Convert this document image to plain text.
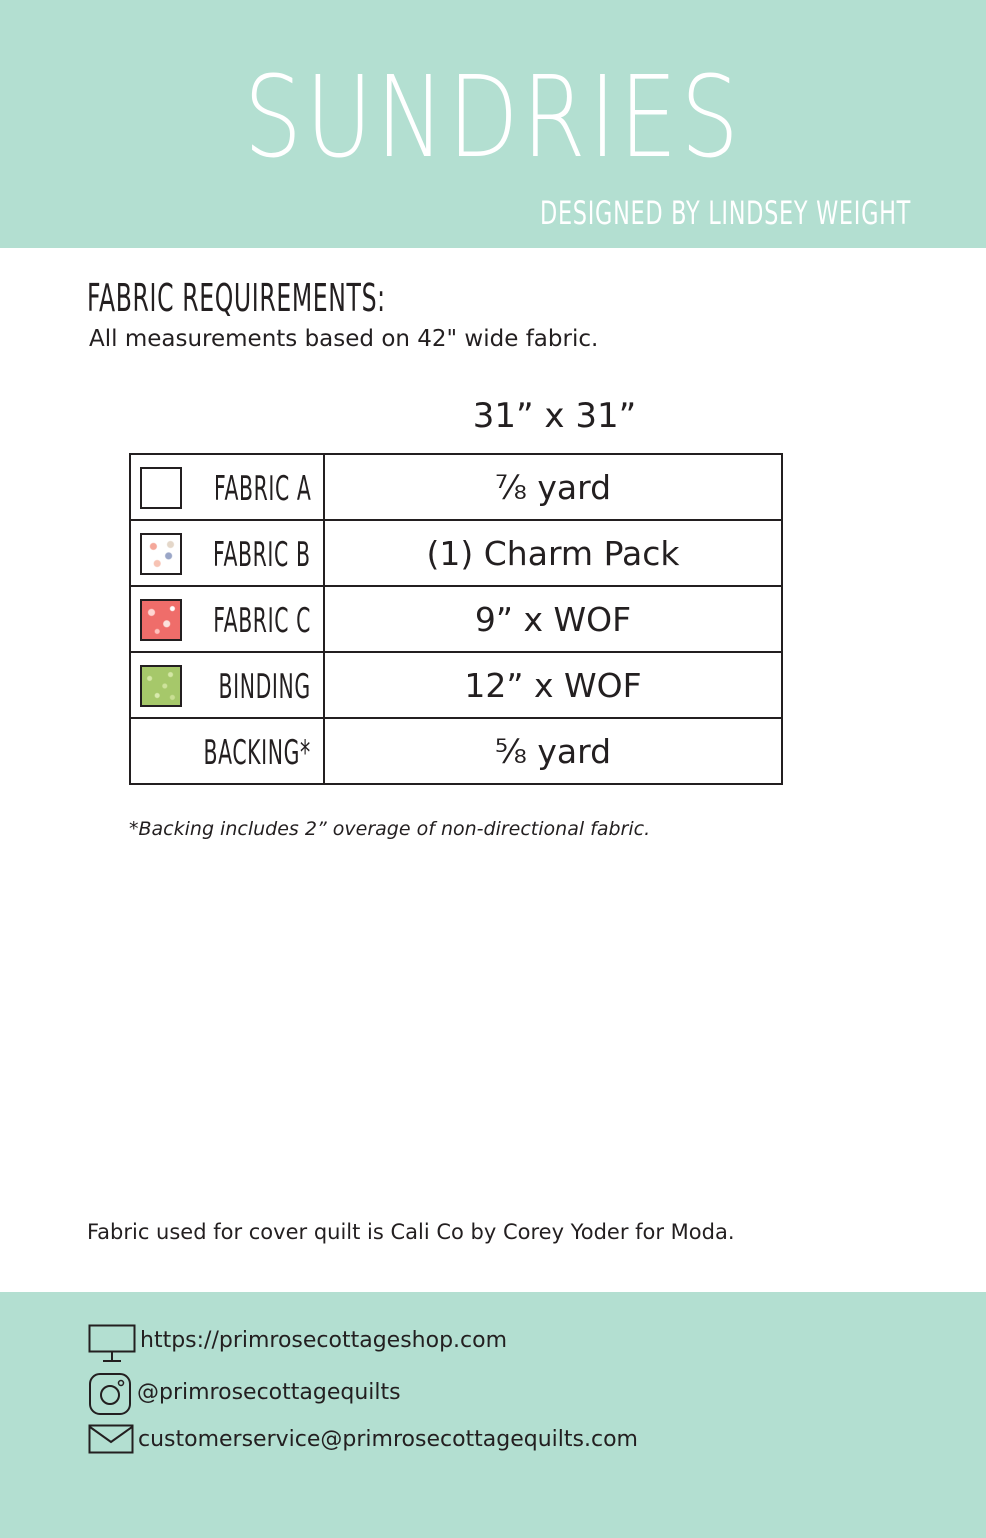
SUNDRIES
DESIGNED BY LINDSEY WEIGHT
FABRIC REQUIREMENTS:
All measurements based on 42" wide fabric.
31” x 31”
FABRIC A	⅞ yard

FABRIC B	(1) Charm Pack

FABRIC C	9” x WOF

BINDING	12” x WOF

BACKING*	⅝ yard
*Backing includes 2” overage of non-directional fabric.
Fabric used for cover quilt is Cali Co by Corey Yoder for Moda.
https://primrosecottageshop.com
@primrosecottagequilts
customerservice@primrosecottagequilts.com
